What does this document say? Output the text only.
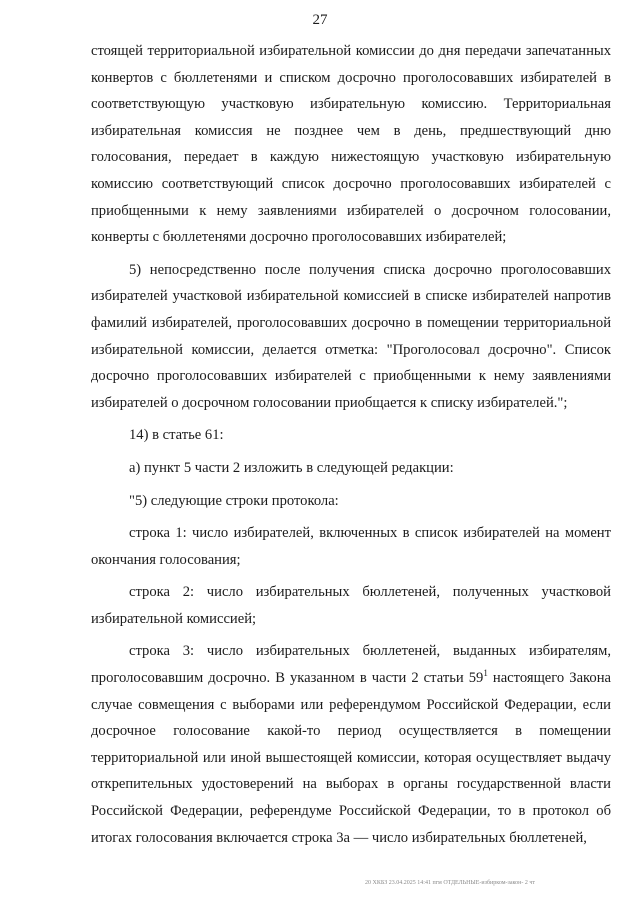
27

стоящей территориальной избирательной комиссии до дня передачи запечатанных конвертов с бюллетенями и списком досрочно проголосовавших избирателей в соответствующую участковую избирательную комиссию. Территориальная избирательная комиссия не позднее чем в день, предшествующий дню голосования, передает в каждую нижестоящую участковую избирательную комиссию соответствующий список досрочно проголосовавших избирателей с приобщенными к нему заявлениями избирателей о досрочном голосовании, конверты с бюллетенями досрочно проголосовавших избирателей;

5) непосредственно после получения списка досрочно проголосовавших избирателей участковой избирательной комиссией в списке избирателей напротив фамилий избирателей, проголосовавших досрочно в помещении территориальной избирательной комиссии, делается отметка: "Проголосовал досрочно". Список досрочно проголосовавших избирателей с приобщенными к нему заявлениями избирателей о досрочном голосовании приобщается к списку избирателей.";

14) в статье 61:

а) пункт 5 части 2 изложить в следующей редакции:

"5) следующие строки протокола:

строка 1: число избирателей, включенных в список избирателей на момент окончания голосования;

строка 2: число избирательных бюллетеней, полученных участковой избирательной комиссией;

строка 3: число избирательных бюллетеней, выданных избирателям, проголосовавшим досрочно. В указанном в части 2 статьи $59^1$ настоящего Закона случае совмещения с выборами или референдумом Российской Федерации, если досрочное голосование какой-то период осуществляется в помещении территориальной или иной вышестоящей комиссии, которая осуществляет выдачу открепительных удостоверений на выборах в органы государственной власти Российской Федерации, референдуме Российской Федерации, то в протокол об итогах голосования включается строка 3а — число избирательных бюллетеней,

20 ХКБЗ 23.04.2025 14:41 пгм ОТДЕЛЬНЫЕ-избирком-закон- 2 чт
